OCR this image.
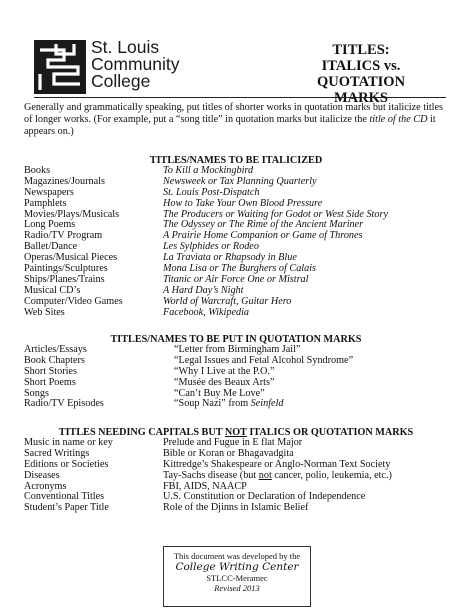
St. Louis
Community
College
TITLES:
ITALICS vs. QUOTATION
MARKS

Generally and grammatically speaking, put titles of shorter works in quotation marks but italicize titles of longer works. (For example, put a “song title” in quotation marks but italicize the title of the CD it appears on.)

TITLES/NAMES TO BE ITALICIZED
Books	To Kill a Mockingbird
Magazines/Journals	Newsweek or Tax Planning Quarterly
Newspapers	St. Louis Post-Dispatch
Pamphlets	How to Take Your Own Blood Pressure
Movies/Plays/Musicals	The Producers or Waiting for Godot or West Side Story
Long Poems	The Odyssey or The Rime of the Ancient Mariner
Radio/TV Program	A Prairie Home Companion or Game of Thrones
Ballet/Dance	Les Sylphides or Rodeo
Operas/Musical Pieces	La Traviata or Rhapsody in Blue
Paintings/Sculptures	Mona Lisa or The Burghers of Calais
Ships/Planes/Trains	Titanic or Air Force One or Mistral
Musical CD’s	A Hard Day’s Night
Computer/Video Games	World of Warcraft, Guitar Hero
Web Sites	Facebook, Wikipedia
TITLES/NAMES TO BE PUT IN QUOTATION MARKS
Articles/Essays	“Letter from Birmingham Jail”
Book Chapters	“Legal Issues and Fetal Alcohol Syndrome”
Short Stories	“Why I Live at the P.O.”
Short Poems	“Musée des Beaux Arts”
Songs	“Can’t Buy Me Love”
Radio/TV Episodes	“Soup Nazi” from Seinfeld
TITLES NEEDING CAPITALS BUT NOT ITALICS OR QUOTATION MARKS
Music in name or key	Prelude and Fugue in E flat Major
Sacred Writings	Bible or Koran or Bhagavadgita
Editions or Societies	Kittredge’s Shakespeare or Anglo-Norman Text Society
Diseases	Tay-Sachs disease (but not cancer, polio, leukemia, etc.)
Acronyms	FBI, AIDS, NAACP
Conventional Titles	U.S. Constitution or Declaration of Independence
Student’s Paper Title	Role of the Djinns in Islamic Belief
This document was developed by the
College Writing Center
STLCC-Meramec
Revised 2013
